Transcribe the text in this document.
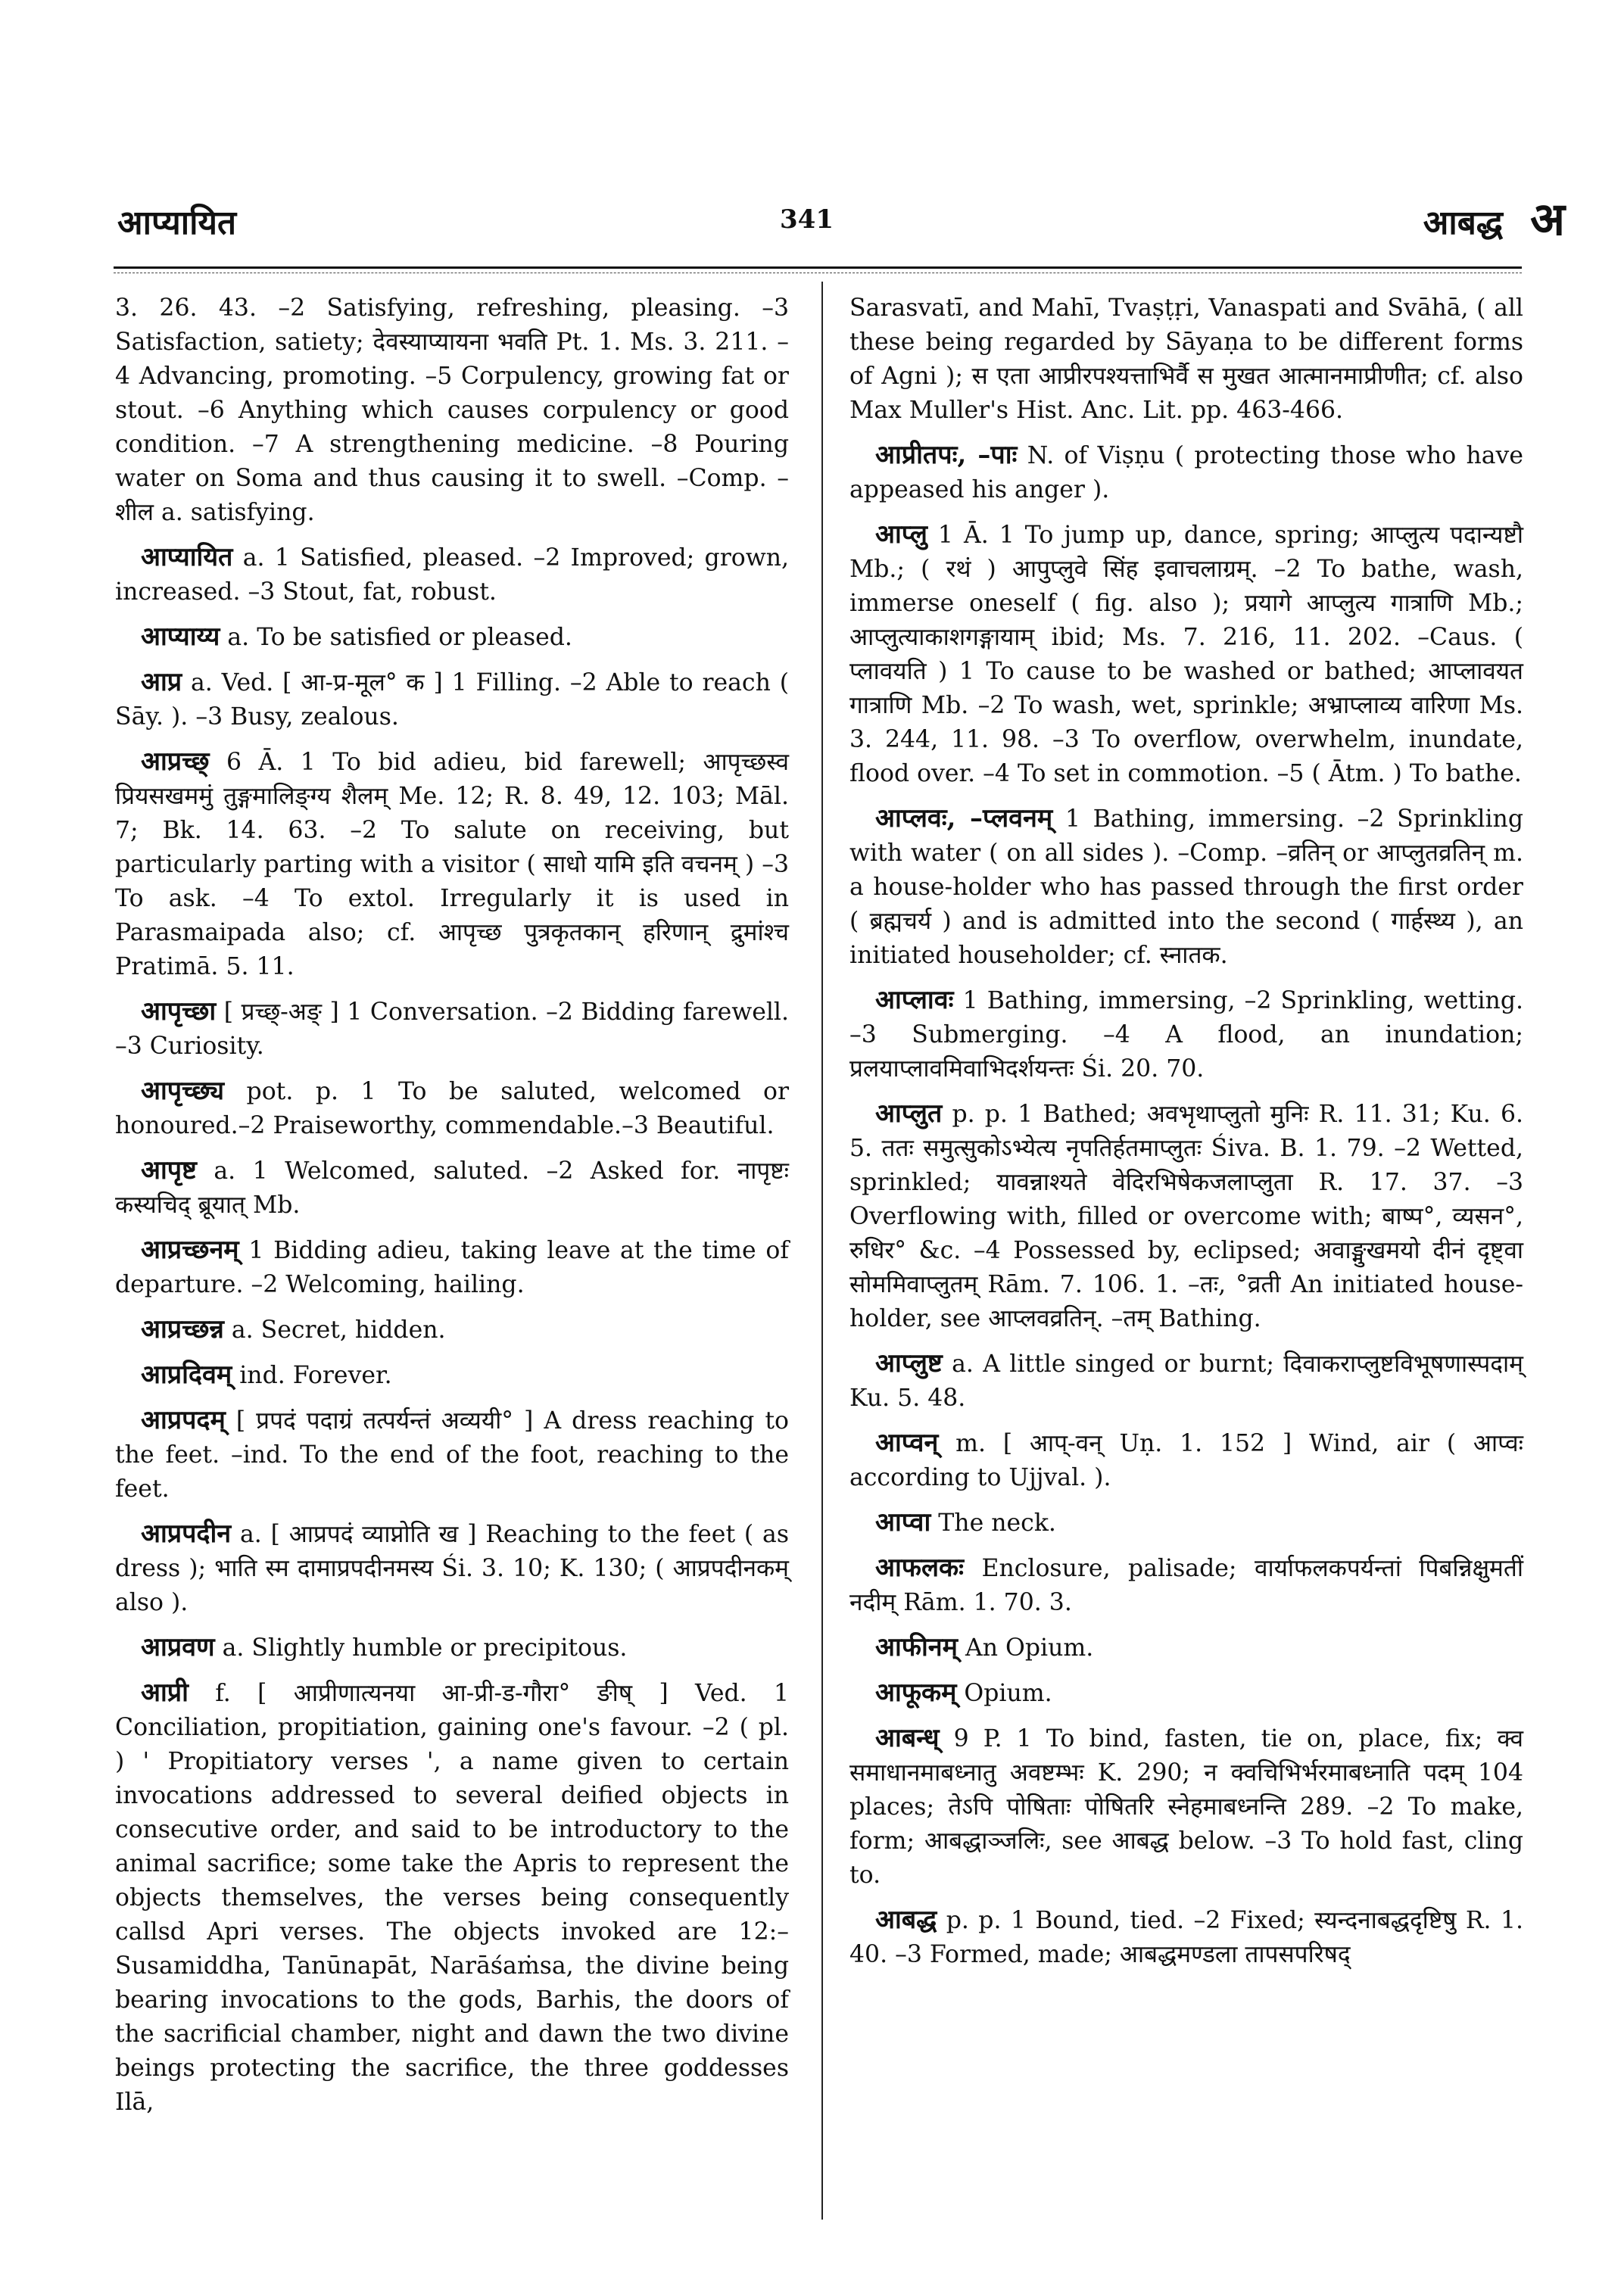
आप्यायित	341	आबद्ध अ

3. 26. 43. –2 Satisfying, refreshing, pleasing. –3 Satisfaction, satiety; देवस्याप्यायना भवति Pt. 1. Ms. 3. 211. –4 Advancing, promoting. –5 Corpulency, growing fat or stout. –6 Anything which causes corpulency or good condition. –7 A strengthening medicine. –8 Pouring water on Soma and thus causing it to swell. –Comp. –शील a. satisfying.

आप्यायित a. 1 Satisfied, pleased. –2 Improved; grown, increased. –3 Stout, fat, robust.

आप्याय्य a. To be satisfied or pleased.

आप्र a. Ved. [ आ-प्र-मूल° क ] 1 Filling. –2 Able to reach ( Sāy. ). –3 Busy, zealous.

आप्रच्छ् 6 Ā. 1 To bid adieu, bid farewell; आपृच्छस्व प्रियसखममुं तुङ्गमालिङ्ग्य शैलम् Me. 12; R. 8. 49, 12. 103; Māl. 7; Bk. 14. 63. –2 To salute on receiving, but particularly parting with a visitor ( साधो यामि इति वचनम् ) –3 To ask. –4 To extol. Irregularly it is used in Parasmaipada also; cf. आपृच्छ पुत्रकृतकान् हरिणान् द्रुमांश्च Pratimā. 5. 11.

आपृच्छा [ प्रच्छ्-अङ् ] 1 Conversation. –2 Bidding farewell. –3 Curiosity.

आपृच्छ्य pot. p. 1 To be saluted, welcomed or honoured.–2 Praiseworthy, commendable.–3 Beautiful.

आपृष्ट a. 1 Welcomed, saluted. –2 Asked for. नापृष्टः कस्यचिद् ब्रूयात् Mb.

आप्रच्छनम् 1 Bidding adieu, taking leave at the time of departure. –2 Welcoming, hailing.

आप्रच्छन्न a. Secret, hidden.

आप्रदिवम् ind. Forever.

आप्रपदम् [ प्रपदं पदाग्रं तत्पर्यन्तं अव्ययी° ] A dress reaching to the feet. –ind. To the end of the foot, reaching to the feet.

आप्रपदीन a. [ आप्रपदं व्याप्नोति ख ] Reaching to the feet ( as dress ); भाति स्म दामाप्रपदीनमस्य Śi. 3. 10; K. 130; ( आप्रपदीनकम् also ).

आप्रवण a. Slightly humble or precipitous.

आप्री f. [ आप्रीणात्यनया आ-प्री-ड-गौरा° ङीष् ] Ved. 1 Conciliation, propitiation, gaining one's favour. –2 ( pl. ) ' Propitiatory verses ', a name given to certain invocations addressed to several deified objects in consecutive order, and said to be introductory to the animal sacrifice; some take the Apris to represent the objects themselves, the verses being consequently callsd Apri verses. The objects invoked are 12:– Susamiddha, Tanūnapāt, Narāśaṁsa, the divine being bearing invocations to the gods, Barhis, the doors of the sacrificial chamber, night and dawn the two divine beings protecting the sacrifice, the three goddesses Ilā,

Sarasvatī, and Mahī, Tvaṣṭṛi, Vanaspati and Svāhā, ( all these being regarded by Sāyaṇa to be different forms of Agni ); स एता आप्रीरपश्यत्ताभिर्वै स मुखत आत्मानमाप्रीणीत; cf. also Max Muller's Hist. Anc. Lit. pp. 463-466.

आप्रीतपः, –पाः N. of Viṣṇu ( protecting those who have appeased his anger ).

आप्लु 1 Ā. 1 To jump up, dance, spring; आप्लुत्य पदान्यष्टौ Mb.; ( रथं ) आपुप्लुवे सिंह इवाचलाग्रम्. –2 To bathe, wash, immerse oneself ( fig. also ); प्रयागे आप्लुत्य गात्राणि Mb.; आप्लुत्याकाशगङ्गायाम् ibid; Ms. 7. 216, 11. 202. –Caus. ( प्लावयति ) 1 To cause to be washed or bathed; आप्लावयत गात्राणि Mb. –2 To wash, wet, sprinkle; अभ्राप्लाव्य वारिणा Ms. 3. 244, 11. 98. –3 To overflow, overwhelm, inundate, flood over. –4 To set in commotion. –5 ( Ātm. ) To bathe.

आप्लवः, –प्लवनम् 1 Bathing, immersing. –2 Sprinkling with water ( on all sides ). –Comp. –व्रतिन् or आप्लुतव्रतिन् m. a house-holder who has passed through the first order ( ब्रह्मचर्य ) and is admitted into the second ( गार्हस्थ्य ), an initiated householder; cf. स्नातक.

आप्लावः 1 Bathing, immersing, –2 Sprinkling, wetting. –3 Submerging. –4 A flood, an inundation; प्रलयाप्लावमिवाभिदर्शयन्तः Śi. 20. 70.

आप्लुत p. p. 1 Bathed; अवभृथाप्लुतो मुनिः R. 11. 31; Ku. 6. 5. ततः समुत्सुकोऽभ्येत्य नृपतिर्हतमाप्लुतः Śiva. B. 1. 79. –2 Wetted, sprinkled; यावन्नाश्यते वेदिरभिषेकजलाप्लुता R. 17. 37. –3 Overflowing with, filled or overcome with; बाष्प°, व्यसन°, रुधिर° &c. –4 Possessed by, eclipsed; अवाङ्मुखमयो दीनं दृष्ट्वा सोममिवाप्लुतम् Rām. 7. 106. 1. –तः, °व्रती An initiated house-holder, see आप्लवव्रतिन्. –तम् Bathing.

आप्लुष्ट a. A little singed or burnt; दिवाकराप्लुष्टविभूषणास्पदाम् Ku. 5. 48.

आप्वन् m. [ आप्-वन् Uṇ. 1. 152 ] Wind, air ( आप्वः according to Ujjval. ).

आप्वा The neck.

आफलकः Enclosure, palisade; वार्याफलकपर्यन्तां पिबन्निक्षुमतीं नदीम् Rām. 1. 70. 3.

आफीनम् An Opium.

आफूकम् Opium.

आबन्ध् 9 P. 1 To bind, fasten, tie on, place, fix; क्व समाधानमाबध्नातु अवष्टम्भः K. 290; न क्वचिभिर्भरमाबध्नाति पदम् 104 places; तेऽपि पोषिताः पोषितरि स्नेहमाबध्नन्ति 289. –2 To make, form; आबद्धाञ्जलिः, see आबद्ध below. –3 To hold fast, cling to.

आबद्ध p. p. 1 Bound, tied. –2 Fixed; स्यन्दनाबद्धदृष्टिषु R. 1. 40. –3 Formed, made; आबद्धमण्डला तापसपरिषद्
